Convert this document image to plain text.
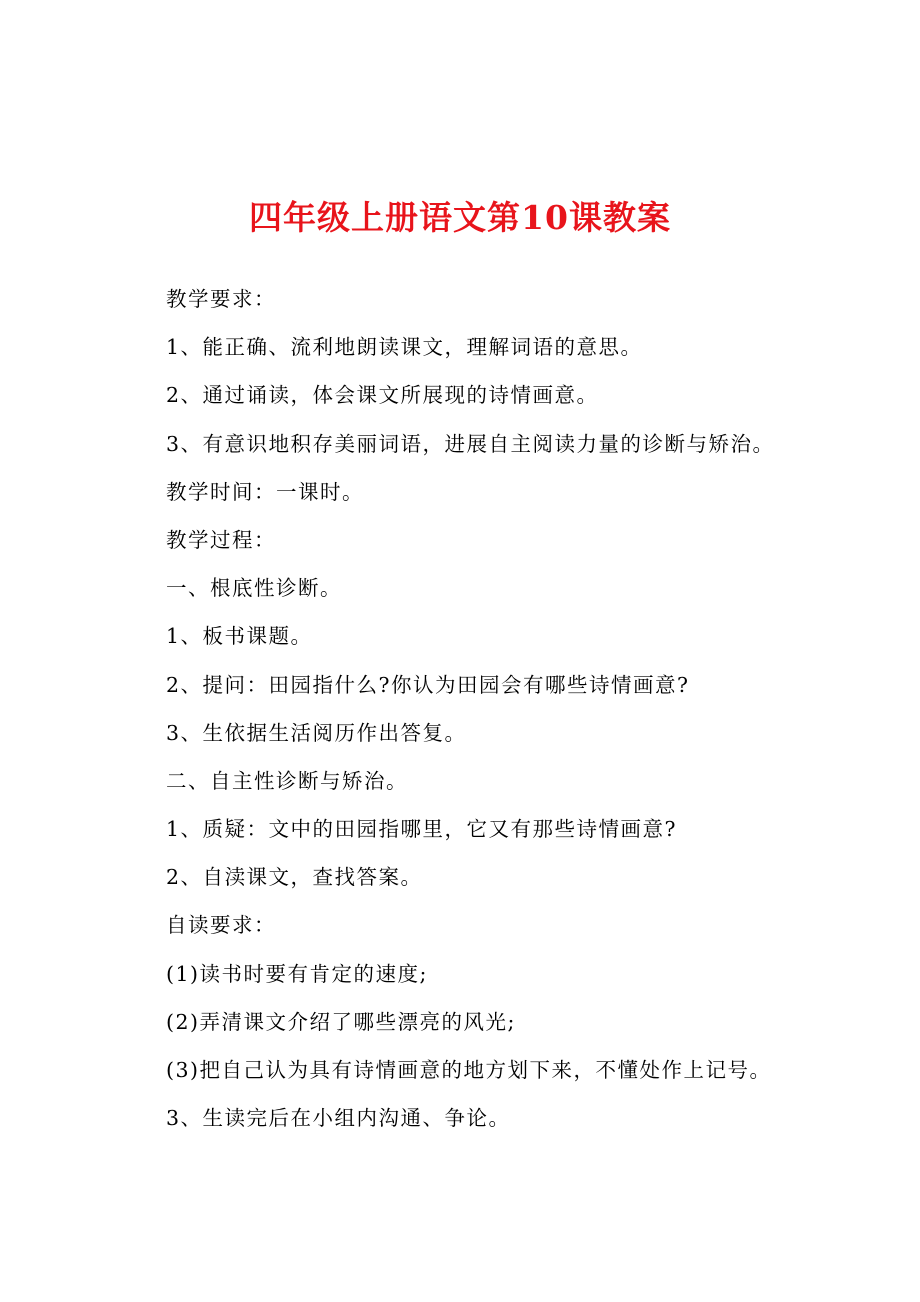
四年级上册语文第10课教案
教学要求：
1、能正确、流利地朗读课文，理解词语的意思。
2、通过诵读，体会课文所展现的诗情画意。
3、有意识地积存美丽词语，进展自主阅读力量的诊断与矫治。
教学时间：一课时。
教学过程：
一、根底性诊断。
1、板书课题。
2、提问：田园指什么?你认为田园会有哪些诗情画意?
3、生依据生活阅历作出答复。
二、自主性诊断与矫治。
1、质疑：文中的田园指哪里，它又有那些诗情画意?
2、自渎课文，查找答案。
自读要求：
(1)读书时要有肯定的速度;
(2)弄清课文介绍了哪些漂亮的风光;
(3)把自己认为具有诗情画意的地方划下来，不懂处作上记号。
3、生读完后在小组内沟通、争论。
